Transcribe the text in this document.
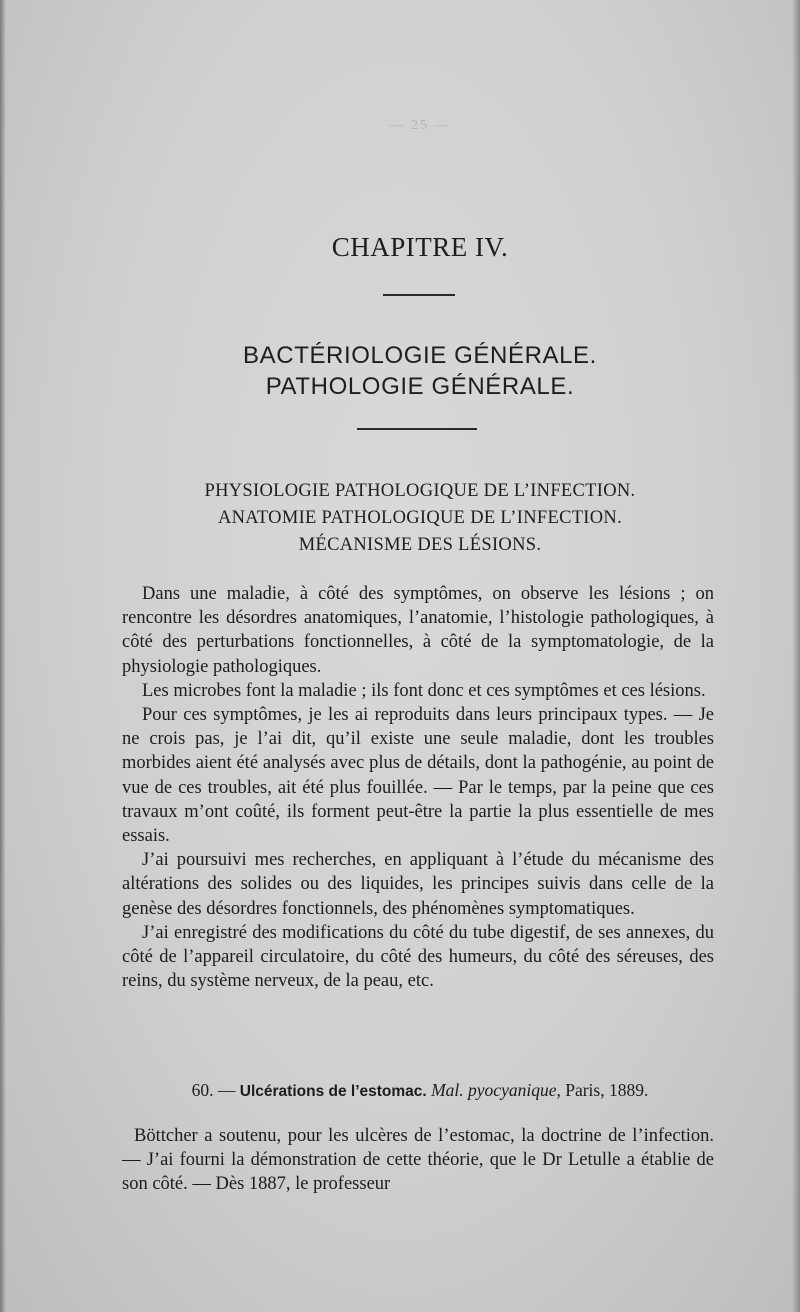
— 25 —
CHAPITRE IV.
BACTÉRIOLOGIE GÉNÉRALE.
PATHOLOGIE GÉNÉRALE.
PHYSIOLOGIE PATHOLOGIQUE DE L’INFECTION.
ANATOMIE PATHOLOGIQUE DE L’INFECTION.
MÉCANISME DES LÉSIONS.

Dans une maladie, à côté des symptômes, on observe les lésions ; on rencontre les désordres anatomiques, l’anatomie, l’histologie pathologiques, à côté des perturbations fonctionnelles, à côté de la symptomatologie, de la physiologie pathologiques.

Les microbes font la maladie ; ils font donc et ces symptômes et ces lésions.

Pour ces symptômes, je les ai reproduits dans leurs principaux types. — Je ne crois pas, je l’ai dit, qu’il existe une seule maladie, dont les troubles morbides aient été analysés avec plus de détails, dont la pathogénie, au point de vue de ces troubles, ait été plus fouillée. — Par le temps, par la peine que ces travaux m’ont coûté, ils forment peut-être la partie la plus essentielle de mes essais.

J’ai poursuivi mes recherches, en appliquant à l’étude du mécanisme des altérations des solides ou des liquides, les principes suivis dans celle de la genèse des désordres fonctionnels, des phénomènes symptomatiques.

J’ai enregistré des modifications du côté du tube digestif, de ses annexes, du côté de l’appareil circulatoire, du côté des humeurs, du côté des séreuses, des reins, du système nerveux, de la peau, etc.

60. — Ulcérations de l’estomac. Mal. pyocyanique, Paris, 1889.

Böttcher a soutenu, pour les ulcères de l’estomac, la doctrine de l’infection. — J’ai fourni la démonstration de cette théorie, que le Dr Letulle a établie de son côté. — Dès 1887, le professeur
